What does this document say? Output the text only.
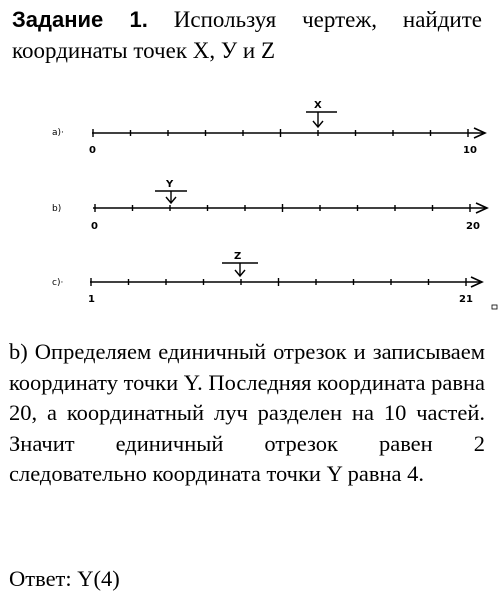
Задание 1. Используя чертеж, найдите координаты точек X, У и Z
a)·
0	10
X
b)
0	20
Y
c)·
1	21
Z

b) Определяем единичный отрезок и записываем координату точки Y. Последняя координата равна 20, а координатный луч разделен на 10 частей. Значит единичный отрезок равен 2 следовательно координата точки Y равна 4.

Ответ: Y(4)
